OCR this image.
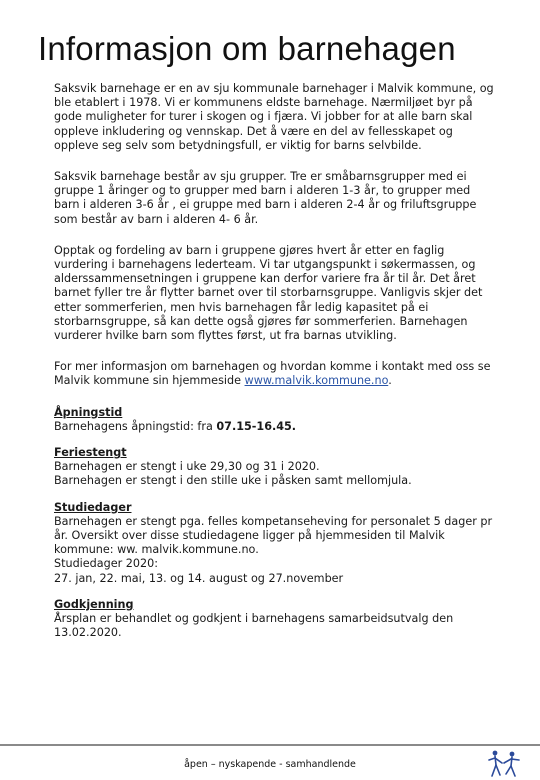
Informasjon om barnehagen

Saksvik barnehage er en av sju kommunale barnehager i Malvik kommune, og ble etablert i 1978. Vi er kommunens eldste barnehage. Nærmiljøet byr på gode muligheter for turer i skogen og i fjæra. Vi jobber for at alle barn skal oppleve inkludering og vennskap. Det å være en del av fellesskapet og oppleve seg selv som betydningsfull, er viktig for barns selvbilde.

Saksvik barnehage består av sju grupper. Tre er småbarnsgrupper med ei gruppe 1 åringer og to grupper med barn i alderen 1-3 år, to grupper med barn i alderen 3-6 år , ei gruppe med barn i alderen 2-4 år og friluftsgruppe som består av barn i alderen 4- 6 år.

Opptak og fordeling av barn i gruppene gjøres hvert år etter en faglig vurdering i barnehagens lederteam. Vi tar utgangspunkt i søkermassen, og alderssammensetningen i gruppene kan derfor variere fra år til år. Det året barnet fyller tre år flytter barnet over til storbarnsgruppe. Vanligvis skjer det etter sommerferien, men hvis barnehagen får ledig kapasitet på ei storbarnsgruppe, så kan dette også gjøres før sommerferien. Barnehagen vurderer hvilke barn som flyttes først, ut fra barnas utvikling.

For mer informasjon om barnehagen og hvordan komme i kontakt med oss se Malvik kommune sin hjemmeside www.malvik.kommune.no.

Åpningstid
Barnehagens åpningstid: fra 07.15-16.45.
Feriestengt
Barnehagen er stengt i uke 29,30 og 31 i 2020.
Barnehagen er stengt i den stille uke i påsken samt mellomjula.
Studiedager
Barnehagen er stengt pga. felles kompetanseheving for personalet 5 dager pr år. Oversikt over disse studiedagene ligger på hjemmesiden til Malvik kommune: ww. malvik.kommune.no.
Studiedager 2020:
27. jan, 22. mai, 13. og 14. august og 27.november
Godkjenning
Årsplan er behandlet og godkjent i barnehagens samarbeidsutvalg den 13.02.2020.
åpen – nyskapende - samhandlende
